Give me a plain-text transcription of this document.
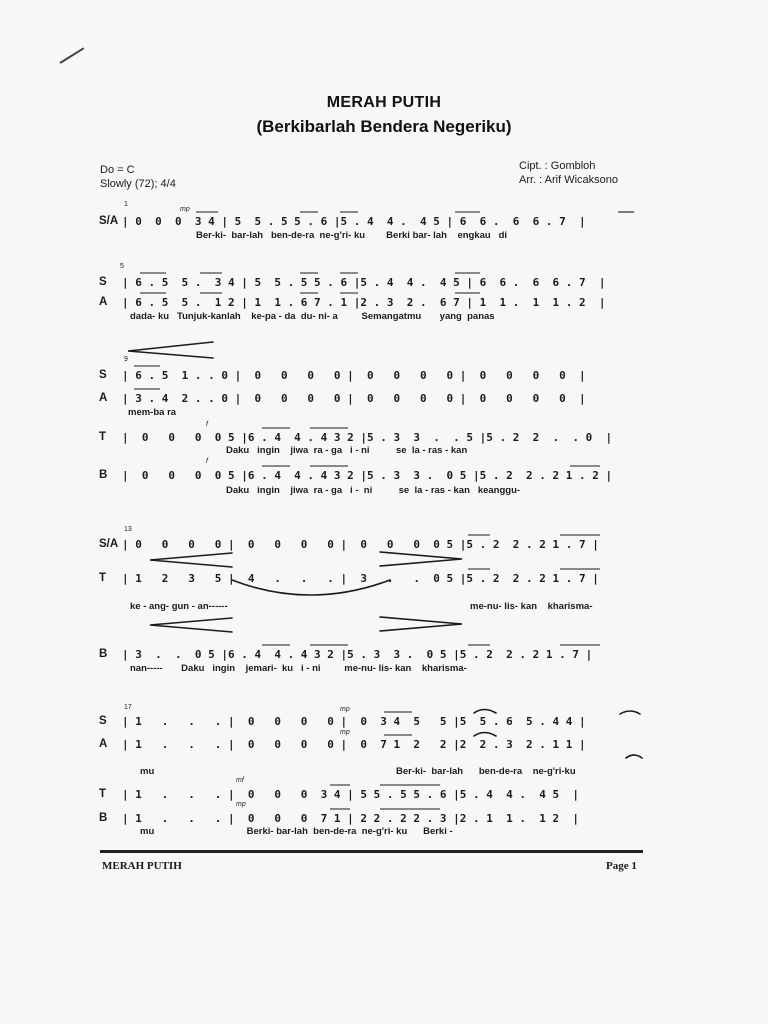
MERAH PUTIH
(Berkibarlah Bendera Negeriku)
Do = C
Slowly (72); 4/4
Cipt. : Gombloh
Arr. : Arif Wicaksono
1
mp
S/A | 0  0  0  3 4 | 5  5 . 5 5 . 6 |5 . 4  4 .  4 5 | 6  6 .  6  6 . 7  |
Ber-ki-  bar-lah   ben-de-ra  ne-g'ri- ku        Berki bar- lah    engkau   di
5
S | 6 . 5  5 .  3 4 | 5  5 . 5 5 . 6 |5 . 4  4 .  4 5 | 6  6 .  6  6 . 7  |
A | 6 . 5  5 .  1 2 | 1  1 . 6 7 . 1 |2 . 3  2 .  6 7 | 1  1 .  1  1 . 2  |
dada- ku   Tunjuk-kanlah    ke-pa - da  du- ni- a         Semangatmu       yang  panas
9
S | 6 . 5  1 . . 0 |  0   0   0   0 |  0   0   0   0 |  0   0   0   0  |
A | 3 . 4  2 . . 0 |  0   0   0   0 |  0   0   0   0 |  0   0   0   0  |
mem-ba ra
f
T |  0   0   0  0 5 |6 . 4  4 . 4 3 2 |5 . 3  3  .  . 5 |5 . 2  2  .  . 0  |
Daku   ingin    jiwa  ra - ga   i - ni          se  la - ras - kan
f
B |  0   0   0  0 5 |6 . 4  4 . 4 3 2 |5 . 3  3 .  0 5 |5 . 2  2 . 2 1 . 2 |
Daku   ingin    jiwa  ra - ga   i -  ni          se  la - ras - kan   keanggu-
13
S/A | 0   0   0   0 |  0   0   0   0 |  0   0   0  0 5 |5 . 2  2 . 2 1 . 7 |
T | 1   2   3   5 |  4   .   .   . |  3   .   .  0 5 |5 . 2  2 . 2 1 . 7 |
ke - ang- gun - an------	me-nu- lis- kan    kharisma-
B | 3  .  .  0 5 |6 . 4  4 . 4 3 2 |5 . 3  3 .  0 5 |5 . 2  2 . 2 1 . 7 |
nan-----       Daku   ingin    jemari-  ku   i - ni         me-nu- lis- kan    kharisma-
17	mp
S | 1   .   .   . |  0   0   0   0 |  0  3 4  5   5 |5  5 . 6  5 . 4 4 |
mp
A | 1   .   .   . |  0   0   0   0 |  0  7 1  2   2 |2  2 . 3  2 . 1 1 |
mu	Ber-ki-  bar-lah      ben-de-ra    ne-g'ri-ku
mf
T | 1   .   .   . |  0   0   0  3 4 | 5 5 . 5 5 . 6 |5 . 4  4 .  4 5  |
mp
B | 1   .   .   . |  0   0   0  7 1 | 2 2 . 2 2 . 3 |2 . 1  1 .  1 2  |
mu                                   Berki- bar-lah  ben-de-ra  ne-g'ri- ku      Berki -
MERAH PUTIH	Page 1
